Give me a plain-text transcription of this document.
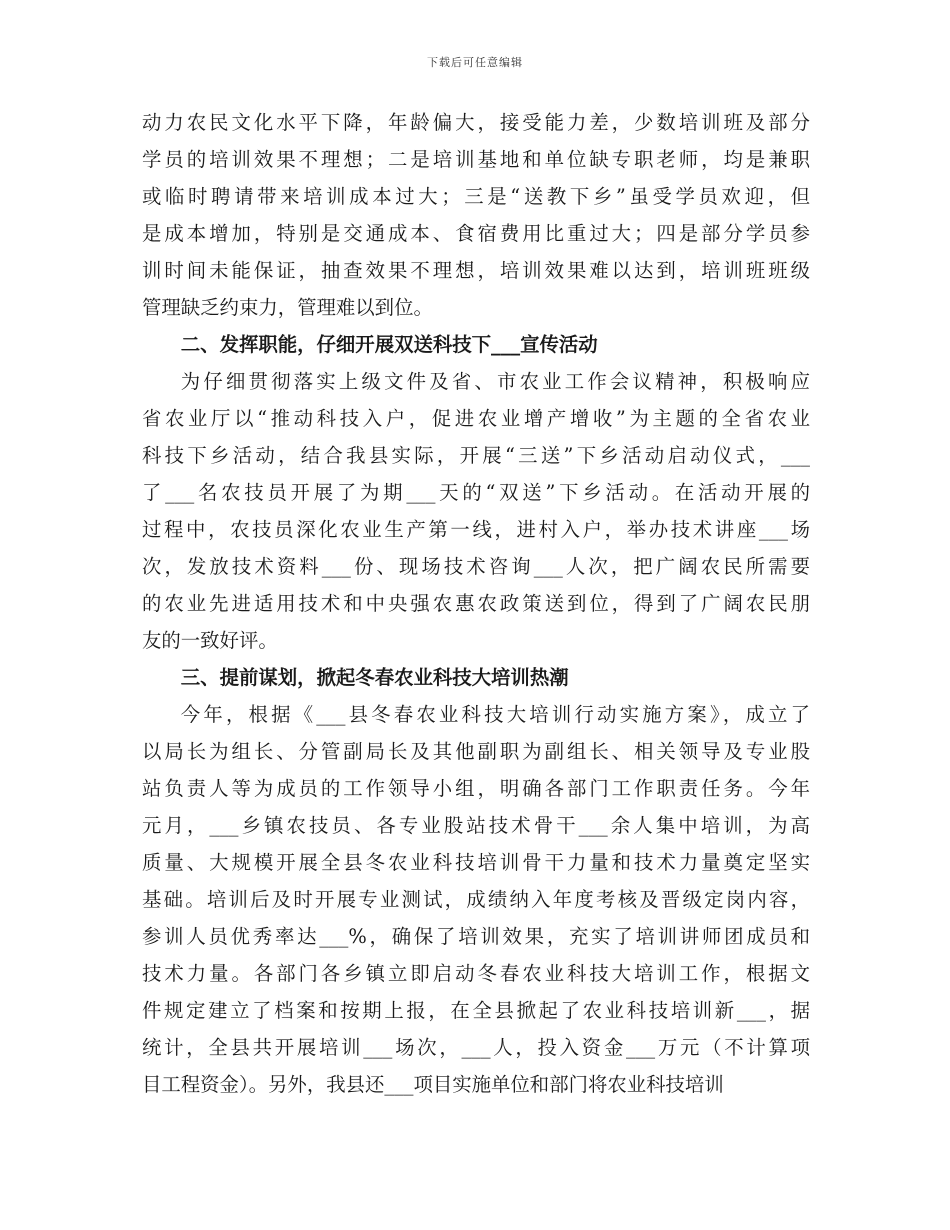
下载后可任意编辑
动力农民文化水平下降，年龄偏大，接受能力差，少数培训班及部分
学员的培训效果不理想；二是培训基地和单位缺专职老师，均是兼职
或临时聘请带来培训成本过大；三是“送教下乡”虽受学员欢迎，但
是成本增加，特别是交通成本、食宿费用比重过大；四是部分学员参
训时间未能保证，抽查效果不理想，培训效果难以达到，培训班班级
管理缺乏约束力，管理难以到位。
二、发挥职能，仔细开展双送科技下___宣传活动
为仔细贯彻落实上级文件及省、市农业工作会议精神，积极响应
省农业厅以“推动科技入户，促进农业增产增收”为主题的全省农业
科技下乡活动，结合我县实际，开展“三送”下乡活动启动仪式，___
了___名农技员开展了为期___天的“双送”下乡活动。在活动开展的
过程中，农技员深化农业生产第一线，进村入户，举办技术讲座___场
次，发放技术资料___份、现场技术咨询___人次，把广阔农民所需要
的农业先进适用技术和中央强农惠农政策送到位，得到了广阔农民朋
友的一致好评。
三、提前谋划，掀起冬春农业科技大培训热潮
今年，根据《___县冬春农业科技大培训行动实施方案》，成立了
以局长为组长、分管副局长及其他副职为副组长、相关领导及专业股
站负责人等为成员的工作领导小组，明确各部门工作职责任务。今年
元月，___乡镇农技员、各专业股站技术骨干___余人集中培训，为高
质量、大规模开展全县冬农业科技培训骨干力量和技术力量奠定坚实
基础。培训后及时开展专业测试，成绩纳入年度考核及晋级定岗内容，
参训人员优秀率达___%，确保了培训效果，充实了培训讲师团成员和
技术力量。各部门各乡镇立即启动冬春农业科技大培训工作，根据文
件规定建立了档案和按期上报，在全县掀起了农业科技培训新___，据
统计，全县共开展培训___场次，___人，投入资金___万元（不计算项
目工程资金）。另外，我县还___项目实施单位和部门将农业科技培训
